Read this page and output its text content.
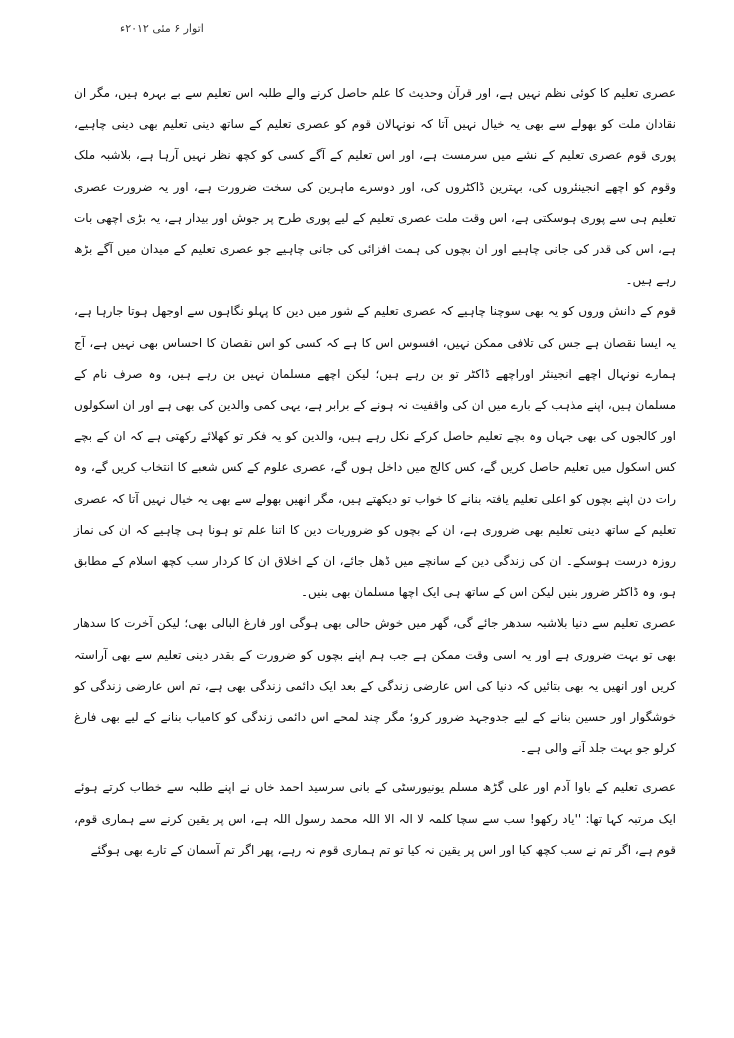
اتوار ۶ مئی ۲۰۱۲ء

عصری تعلیم کا کوئی نظم نہیں ہے، اور قرآن وحدیث کا علم حاصل کرنے والے طلبہ اس تعلیم سے بے بہرہ ہیں، مگر ان نقادان ملت کو بھولے سے بھی یہ خیال نہیں آتا کہ نونہالان قوم کو عصری تعلیم کے ساتھ دینی تعلیم بھی دینی چاہیے، پوری قوم عصری تعلیم کے نشے میں سرمست ہے، اور اس تعلیم کے آگے کسی کو کچھ نظر نہیں آرہا ہے، بلاشبہ ملک وقوم کو اچھے انجینئروں کی، بہترین ڈاکٹروں کی، اور دوسرے ماہرین کی سخت ضرورت ہے، اور یہ ضرورت عصری تعلیم ہی سے پوری ہوسکتی ہے، اس وقت ملت عصری تعلیم کے لیے پوری طرح پر جوش اور بیدار ہے، یہ بڑی اچھی بات ہے، اس کی قدر کی جانی چاہیے اور ان بچوں کی ہمت افزائی کی جانی چاہیے جو عصری تعلیم کے میدان میں آگے بڑھ رہے ہیں۔

قوم کے دانش وروں کو یہ بھی سوچنا چاہیے کہ عصری تعلیم کے شور میں دین کا پہلو نگاہوں سے اوجھل ہوتا جارہا ہے، یہ ایسا نقصان ہے جس کی تلافی ممکن نہیں، افسوس اس کا ہے کہ کسی کو اس نقصان کا احساس بھی نہیں ہے، آج ہمارے نونہال اچھے انجینئر اوراچھے ڈاکٹر تو بن رہے ہیں؛ لیکن اچھے مسلمان نہیں بن رہے ہیں، وہ صرف نام کے مسلمان ہیں، اپنے مذہب کے بارے میں ان کی واقفیت نہ ہونے کے برابر ہے، یہی کمی والدین کی بھی ہے اور ان اسکولوں اور کالجوں کی بھی جہاں وہ بچے تعلیم حاصل کرکے نکل رہے ہیں، والدین کو یہ فکر تو کھلائے رکھتی ہے کہ ان کے بچے کس اسکول میں تعلیم حاصل کریں گے، کس کالج میں داخل ہوں گے، عصری علوم کے کس شعبے کا انتخاب کریں گے، وہ رات دن اپنے بچوں کو اعلی تعلیم یافتہ بنانے کا خواب تو دیکھتے ہیں، مگر انھیں بھولے سے بھی یہ خیال نہیں آتا کہ عصری تعلیم کے ساتھ دینی تعلیم بھی ضروری ہے، ان کے بچوں کو ضروریات دین کا اتنا علم تو ہونا ہی چاہیے کہ ان کی نماز روزہ درست ہوسکے۔ ان کی زندگی دین کے سانچے میں ڈھل جائے، ان کے اخلاق ان کا کردار سب کچھ اسلام کے مطابق ہو، وہ ڈاکٹر ضرور بنیں لیکن اس کے ساتھ ہی ایک اچھا مسلمان بھی بنیں۔

عصری تعلیم سے دنیا بلاشبہ سدھر جائے گی، گھر میں خوش حالی بھی ہوگی اور فارغ البالی بھی؛ لیکن آخرت کا سدھار بھی تو بہت ضروری ہے اور یہ اسی وقت ممکن ہے جب ہم اپنے بچوں کو ضرورت کے بقدر دینی تعلیم سے بھی آراستہ کریں اور انھیں یہ بھی بتائیں کہ دنیا کی اس عارضی زندگی کے بعد ایک دائمی زندگی بھی ہے، تم اس عارضی زندگی کو خوشگوار اور حسین بنانے کے لیے جدوجہد ضرور کرو؛ مگر چند لمحے اس دائمی زندگی کو کامیاب بنانے کے لیے بھی فارغ کرلو جو بہت جلد آنے والی ہے۔

عصری تعلیم کے باوا آدم اور علی گڑھ مسلم یونیورسٹی کے بانی سرسید احمد خاں نے اپنے طلبہ سے خطاب کرتے ہوئے ایک مرتبہ کہا تھا: ''یاد رکھو! سب سے سچا کلمہ لا الہ الا اللہ محمد رسول اللہ ہے، اس پر یقین کرنے سے ہماری قوم، قوم ہے، اگر تم نے سب کچھ کیا اور اس پر یقین نہ کیا تو تم ہماری قوم نہ رہے، پھر اگر تم آسمان کے تارے بھی ہوگئے
